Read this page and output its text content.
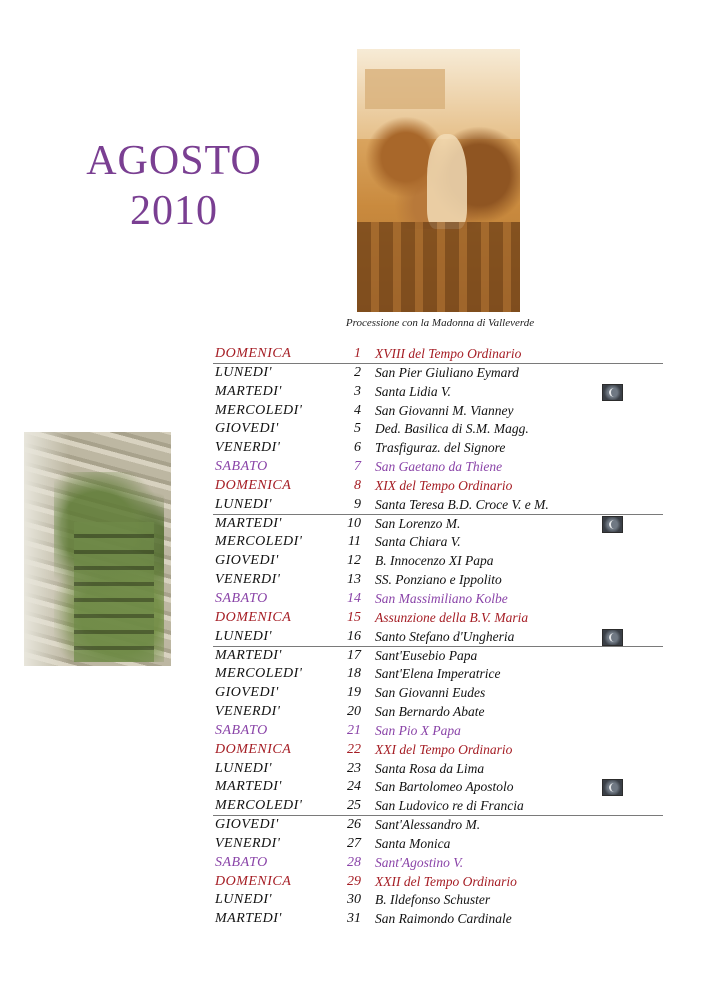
AGOSTO
2010
Processione con la Madonna di Valleverde
DOMENICA	1 XVIII del Tempo Ordinario
LUNEDI'	2 San Pier Giuliano Eymard
MARTEDI'	3 Santa Lidia V.
MERCOLEDI'	4 San Giovanni M. Vianney
GIOVEDI'	5 Ded. Basilica di S.M. Magg.
VENERDI'	6 Trasfiguraz. del Signore
SABATO	7 San Gaetano da Thiene
DOMENICA	8 XIX del Tempo Ordinario
LUNEDI'	9 Santa Teresa B.D. Croce V. e M.
MARTEDI'	10 San Lorenzo M.
MERCOLEDI'	11 Santa Chiara V.
GIOVEDI'	12 B. Innocenzo XI Papa
VENERDI'	13 SS. Ponziano e Ippolito
SABATO	14 San Massimiliano Kolbe
DOMENICA	15 Assunzione della B.V. Maria
LUNEDI'	16 Santo Stefano d'Ungheria
MARTEDI'	17 Sant'Eusebio Papa
MERCOLEDI'	18 Sant'Elena Imperatrice
GIOVEDI'	19 San Giovanni Eudes
VENERDI'	20 San Bernardo Abate
SABATO	21 San Pio X Papa
DOMENICA	22 XXI del Tempo Ordinario
LUNEDI'	23 Santa Rosa da Lima
MARTEDI'	24 San Bartolomeo Apostolo
MERCOLEDI'	25 San Ludovico re di Francia
GIOVEDI'	26 Sant'Alessandro M.
VENERDI'	27 Santa Monica
SABATO	28 Sant'Agostino V.
DOMENICA	29 XXII del Tempo Ordinario
LUNEDI'	30 B. Ildefonso Schuster
MARTEDI'	31 San Raimondo Cardinale
